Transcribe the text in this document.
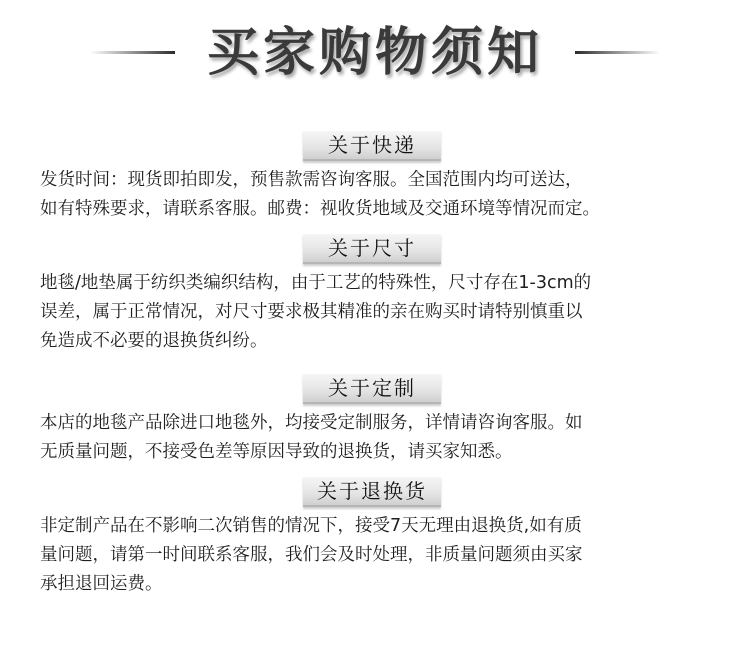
买家购物须知
关于快递
发货时间：现货即拍即发，预售款需咨询客服。全国范围内均可送达，
如有特殊要求，请联系客服。邮费：视收货地域及交通环境等情况而定。
关于尺寸
地毯/地垫属于纺织类编织结构，由于工艺的特殊性，尺寸存在1-3cm的
误差，属于正常情况，对尺寸要求极其精准的亲在购买时请特别慎重以
免造成不必要的退换货纠纷。
关于定制
本店的地毯产品除进口地毯外，均接受定制服务，详情请咨询客服。如
无质量问题，不接受色差等原因导致的退换货，请买家知悉。
关于退换货
非定制产品在不影响二次销售的情况下，接受7天无理由退换货,如有质
量问题，请第一时间联系客服，我们会及时处理，非质量问题须由买家
承担退回运费。
